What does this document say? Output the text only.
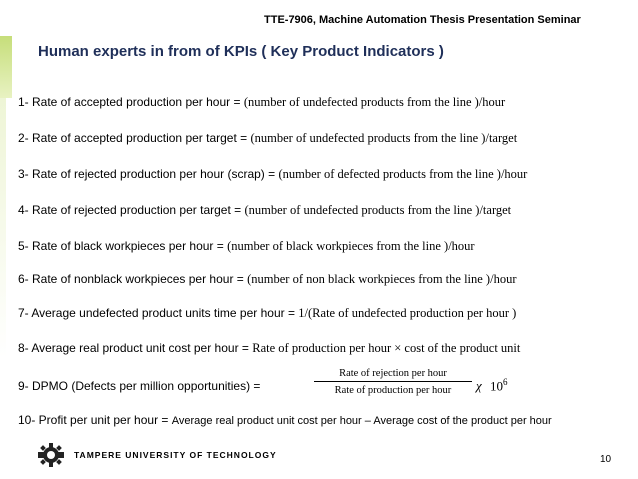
TTE-7906, Machine Automation Thesis Presentation Seminar
Human experts in from of KPIs ( Key Product Indicators )
1- Rate of accepted production per hour = (number of undefected products from the line )/hour
2- Rate of accepted production per target = (number of undefected products from the line )/target
3- Rate of rejected production per hour (scrap) = (number of defected products from the line )/hour
4- Rate of rejected production per target = (number of undefected products from the line )/target
5- Rate of black workpieces per hour = (number of black workpieces from the line )/hour
6- Rate of nonblack workpieces per hour = (number of non black workpieces from the line )/hour
7- Average undefected product units time per hour = 1/(Rate of undefected production per hour )
8- Average real product unit cost per hour = Rate of production per hour × cost of the product unit
9- DPMO (Defects per million opportunities) =
Rate of rejection per hour
Rate of production per hour	χ $10^6$
10- Profit per unit per hour = Average real product unit cost per hour – Average cost of the product per hour
TAMPERE UNIVERSITY OF TECHNOLOGY	10
